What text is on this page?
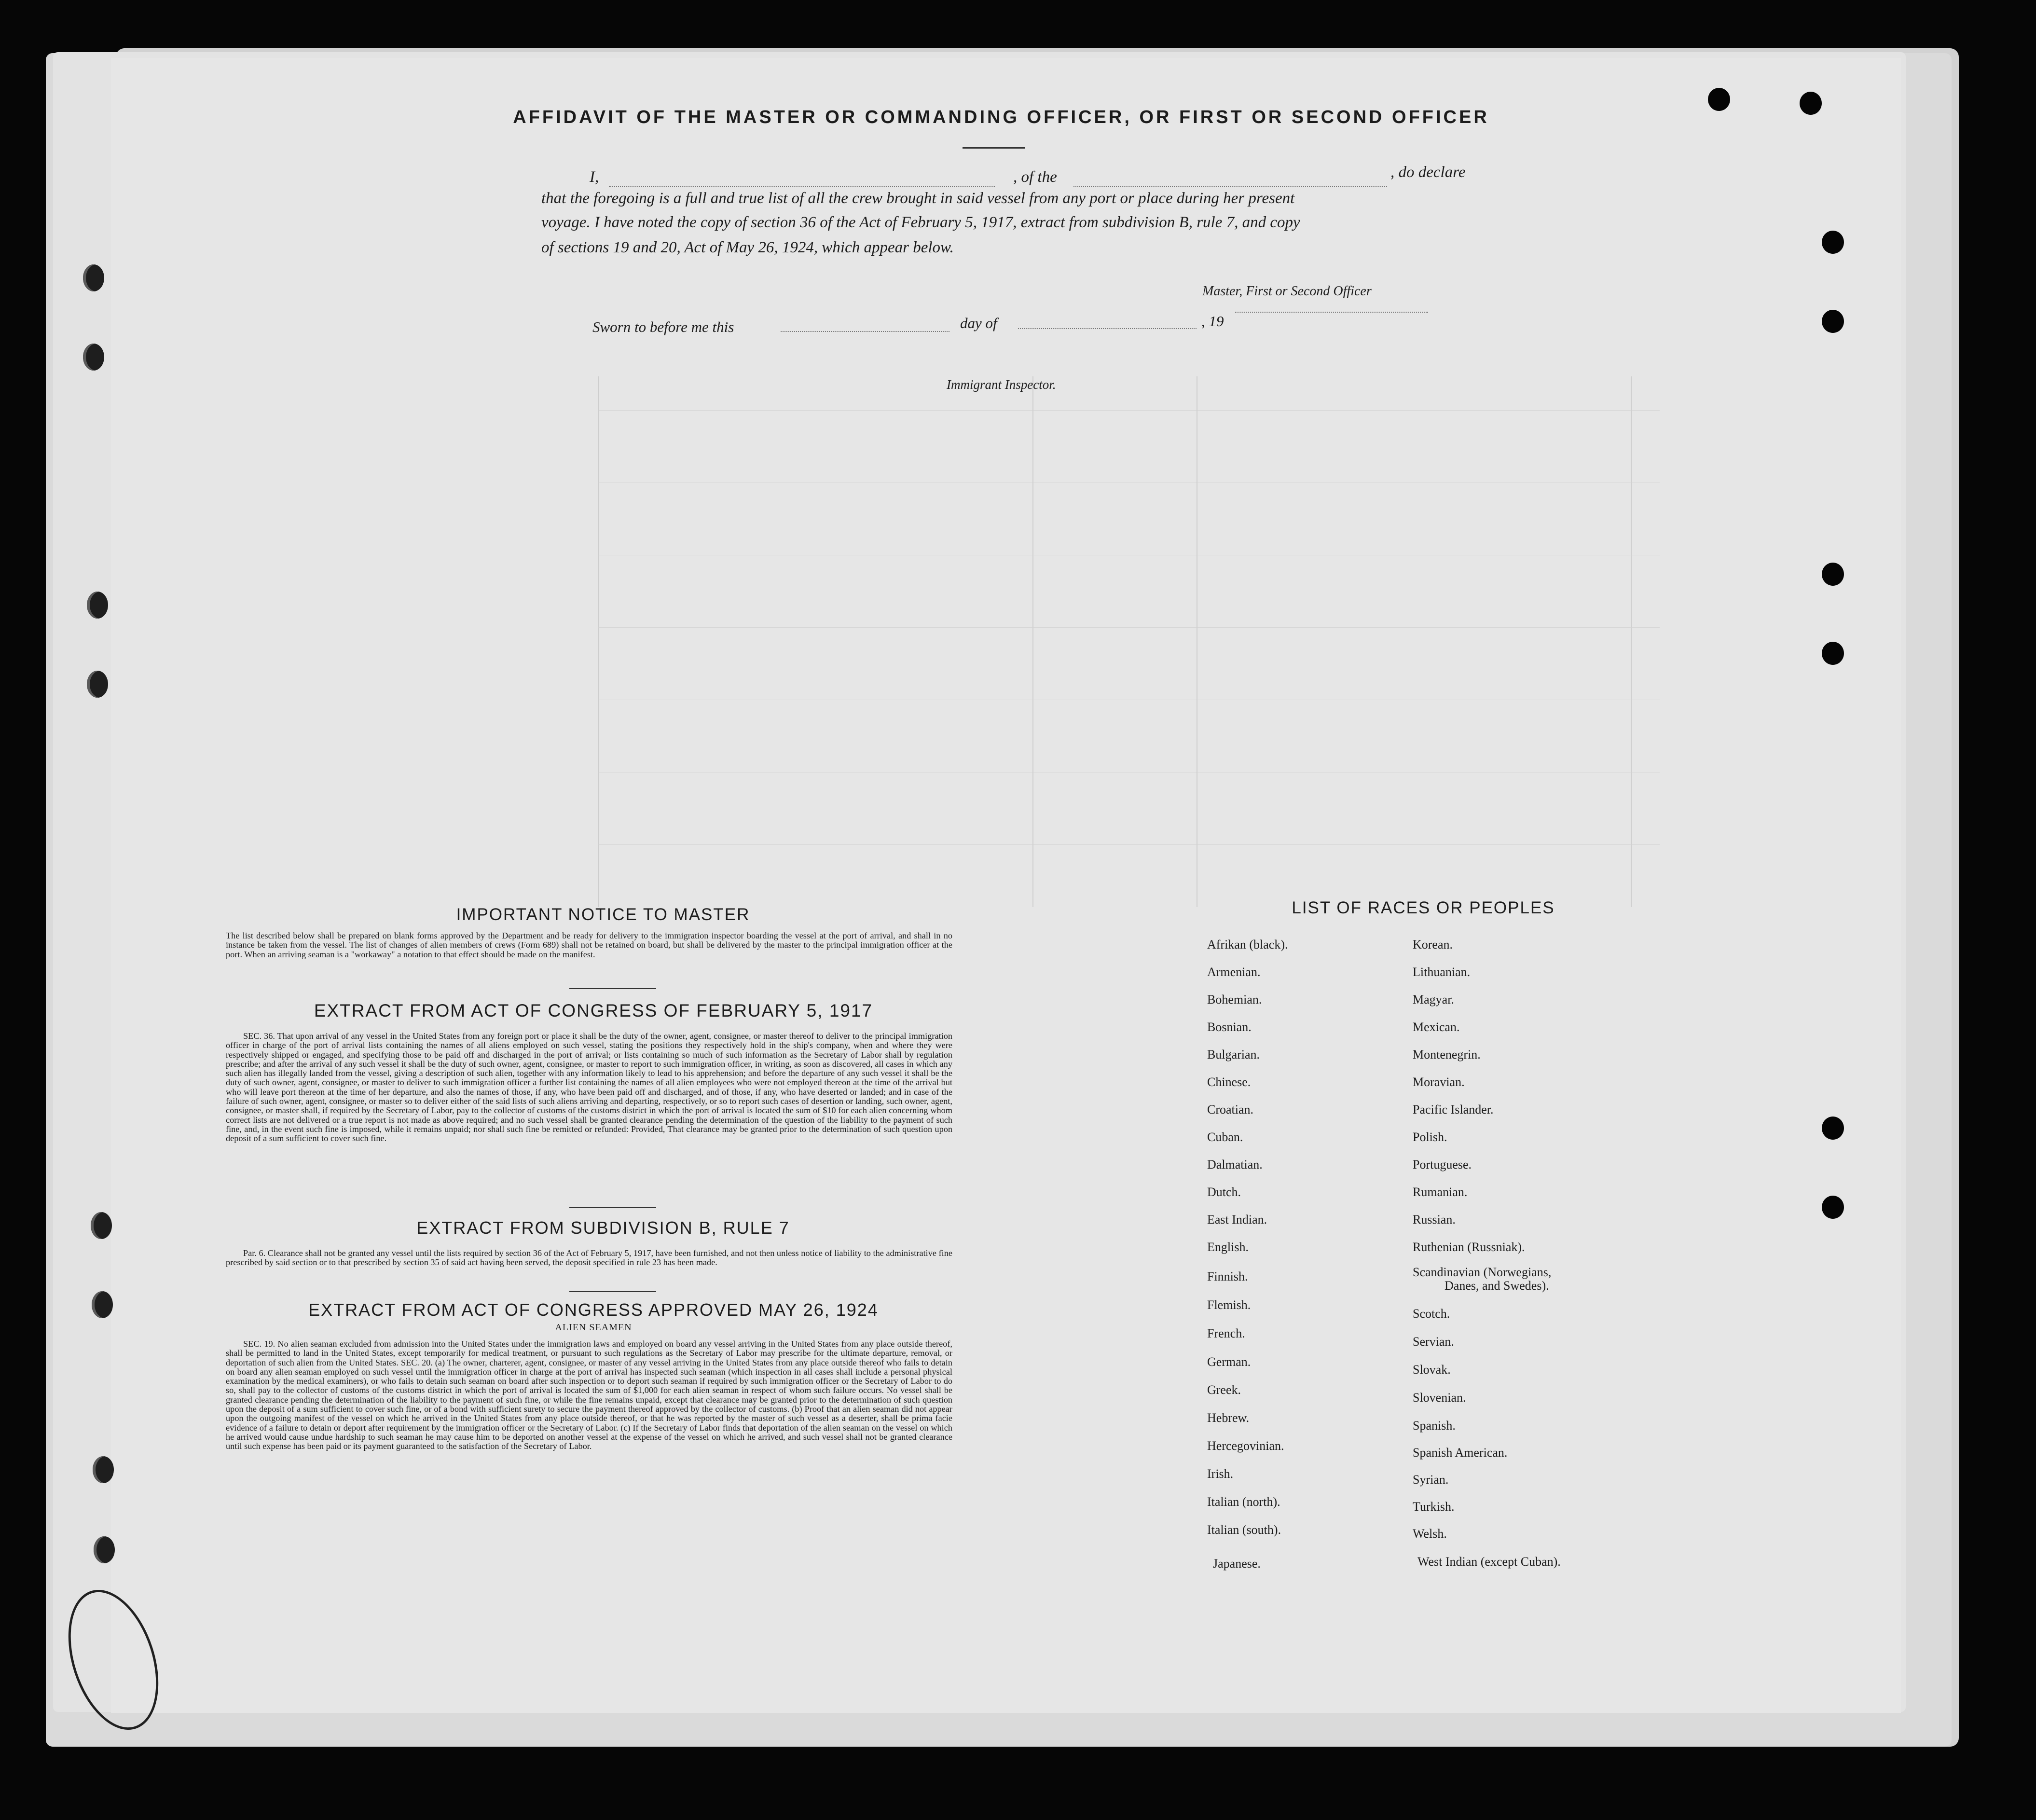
AFFIDAVIT OF THE MASTER OR COMMANDING OFFICER, OR FIRST OR SECOND OFFICER
I,	, of the	, do declare
that the foregoing is a full and true list of all the crew brought in said vessel from any port or place during her present
voyage. I have noted the copy of section 36 of the Act of February 5, 1917, extract from subdivision B, rule 7, and copy
of sections 19 and 20, Act of May 26, 1924, which appear below.
Master, First or Second Officer
Sworn to before me this	day of	, 19
Immigrant Inspector.
IMPORTANT NOTICE TO MASTER
The list described below shall be prepared on blank forms approved by the Department and be ready for delivery to the immigration inspector boarding the vessel at the port of arrival, and shall in no instance be taken from the vessel. The list of changes of alien members of crews (Form 689) shall not be retained on board, but shall be delivered by the master to the principal immigration officer at the port. When an arriving seaman is a "workaway" a notation to that effect should be made on the manifest.
EXTRACT FROM ACT OF CONGRESS OF FEBRUARY 5, 1917
SEC. 36. That upon arrival of any vessel in the United States from any foreign port or place it shall be the duty of the owner, agent, consignee, or master thereof to deliver to the principal immigration officer in charge of the port of arrival lists containing the names of all aliens employed on such vessel, stating the positions they respectively hold in the ship's company, when and where they were respectively shipped or engaged, and specifying those to be paid off and discharged in the port of arrival; or lists containing so much of such information as the Secretary of Labor shall by regulation prescribe; and after the arrival of any such vessel it shall be the duty of such owner, agent, consignee, or master to report to such immigration officer, in writing, as soon as discovered, all cases in which any such alien has illegally landed from the vessel, giving a description of such alien, together with any information likely to lead to his apprehension; and before the departure of any such vessel it shall be the duty of such owner, agent, consignee, or master to deliver to such immigration officer a further list containing the names of all alien employees who were not employed thereon at the time of the arrival but who will leave port thereon at the time of her departure, and also the names of those, if any, who have been paid off and discharged, and of those, if any, who have deserted or landed; and in case of the failure of such owner, agent, consignee, or master so to deliver either of the said lists of such aliens arriving and departing, respectively, or so to report such cases of desertion or landing, such owner, agent, consignee, or master shall, if required by the Secretary of Labor, pay to the collector of customs of the customs district in which the port of arrival is located the sum of $10 for each alien concerning whom correct lists are not delivered or a true report is not made as above required; and no such vessel shall be granted clearance pending the determination of the question of the liability to the payment of such fine, and, in the event such fine is imposed, while it remains unpaid; nor shall such fine be remitted or refunded: Provided, That clearance may be granted prior to the determination of such question upon deposit of a sum sufficient to cover such fine.
EXTRACT FROM SUBDIVISION B, RULE 7
Par. 6. Clearance shall not be granted any vessel until the lists required by section 36 of the Act of February 5, 1917, have been furnished, and not then unless notice of liability to the administrative fine prescribed by said section or to that prescribed by section 35 of said act having been served, the deposit specified in rule 23 has been made.
EXTRACT FROM ACT OF CONGRESS APPROVED MAY 26, 1924
ALIEN SEAMEN
SEC. 19. No alien seaman excluded from admission into the United States under the immigration laws and employed on board any vessel arriving in the United States from any place outside thereof, shall be permitted to land in the United States, except temporarily for medical treatment, or pursuant to such regulations as the Secretary of Labor may prescribe for the ultimate departure, removal, or deportation of such alien from the United States. SEC. 20. (a) The owner, charterer, agent, consignee, or master of any vessel arriving in the United States from any place outside thereof who fails to detain on board any alien seaman employed on such vessel until the immigration officer in charge at the port of arrival has inspected such seaman (which inspection in all cases shall include a personal physical examination by the medical examiners), or who fails to detain such seaman on board after such inspection or to deport such seaman if required by such immigration officer or the Secretary of Labor to do so, shall pay to the collector of customs of the customs district in which the port of arrival is located the sum of $1,000 for each alien seaman in respect of whom such failure occurs. No vessel shall be granted clearance pending the determination of the liability to the payment of such fine, or while the fine remains unpaid, except that clearance may be granted prior to the determination of such question upon the deposit of a sum sufficient to cover such fine, or of a bond with sufficient surety to secure the payment thereof approved by the collector of customs. (b) Proof that an alien seaman did not appear upon the outgoing manifest of the vessel on which he arrived in the United States from any place outside thereof, or that he was reported by the master of such vessel as a deserter, shall be prima facie evidence of a failure to detain or deport after requirement by the immigration officer or the Secretary of Labor. (c) If the Secretary of Labor finds that deportation of the alien seaman on the vessel on which he arrived would cause undue hardship to such seaman he may cause him to be deported on another vessel at the expense of the vessel on which he arrived, and such vessel shall not be granted clearance until such expense has been paid or its payment guaranteed to the satisfaction of the Secretary of Labor.
LIST OF RACES OR PEOPLES
Afrikan (black).
Armenian.
Bohemian.
Bosnian.
Bulgarian.
Chinese.
Croatian.
Cuban.
Dalmatian.
Dutch.
East Indian.
English.
Finnish.
Flemish.
French.
German.
Greek.
Hebrew.
Hercegovinian.
Irish.
Italian (north).
Italian (south).
Japanese.
Korean.
Lithuanian.
Magyar.
Mexican.
Montenegrin.
Moravian.
Pacific Islander.
Polish.
Portuguese.
Rumanian.
Russian.
Ruthenian (Russniak).
Scandinavian (Norwegians,
Danes, and Swedes).
Scotch.
Servian.
Slovak.
Slovenian.
Spanish.
Spanish American.
Syrian.
Turkish.
Welsh.
West Indian (except Cuban).
